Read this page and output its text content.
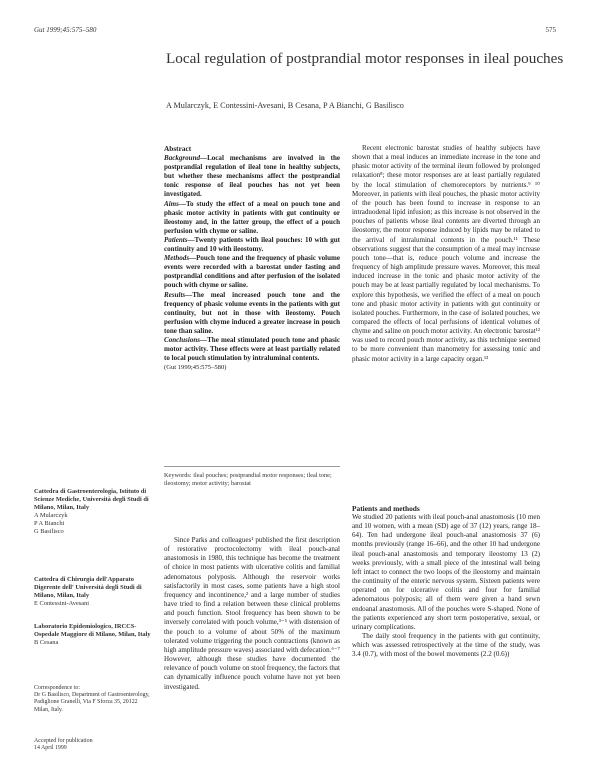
Gut 1999;45:575–580	575
Local regulation of postprandial motor responses in ileal pouches
A Mularczyk, E Contessini-Avesani, B Cesana, P A Bianchi, G Basilisco
Abstract
Background—Local mechanisms are involved in the postprandial regulation of ileal tone in healthy subjects, but whether these mechanisms affect the postprandial tonic response of ileal pouches has not yet been investigated.
Aims—To study the effect of a meal on pouch tone and phasic motor activity in patients with gut continuity or ileostomy and, in the latter group, the effect of a pouch perfusion with chyme or saline.
Patients—Twenty patients with ileal pouches: 10 with gut continuity and 10 with ileostomy.
Methods—Pouch tone and the frequency of phasic volume events were recorded with a barostat under fasting and postprandial conditions and after perfusion of the isolated pouch with chyme or saline.
Results—The meal increased pouch tone and the frequency of phasic volume events in the patients with gut continuity, but not in those with ileostomy. Pouch perfusion with chyme induced a greater increase in pouch tone than saline.
Conclusions—The meal stimulated pouch tone and phasic motor activity. These effects were at least partially related to local pouch stimulation by intraluminal contents.
(Gut 1999;45:575–580)
Keywords: ileal pouches; postprandial motor responses; ileal tone; ileostomy; motor activity; barostat
Cattedra di Gastroenterologia, Istituto di Scienze Mediche, Università degli Studi di Milano, Milan, Italy
A Mularczyk
P A Bianchi
G Basilisco
Cattedra di Chirurgia dell'Apparato Digerente dell' Università degli Studi di Milano, Milan, Italy
E Contessini-Avesani
Laboratorio Epidemiologico, IRCCS-Ospedale Maggiore di Milano, Milan, Italy
B Cesana
Correspondence to:
Dr G Basilisco, Department of Gastroenterology, Padiglione Granelli, Via F Sforza 35, 20122 Milan, Italy.
Accepted for publication
14 April 1999

Since Parks and colleagues¹ published the first description of restorative proctocolectomy with ileal pouch-anal anastomosis in 1980, this technique has become the treatment of choice in most patients with ulcerative colitis and familial adenomatous polyposis. Although the reservoir works satisfactorily in most cases, some patients have a high stool frequency and incontinence,² and a large number of studies have tried to find a relation between these clinical problems and pouch function. Stool frequency has been shown to be inversely correlated with pouch volume,³⁻⁵ with distension of the pouch to a volume of about 50% of the maximum tolerated volume triggering the pouch contractions (known as high amplitude pressure waves) associated with defecation.⁶⁻⁷ However, although these studies have documented the relevance of pouch volume on stool frequency, the factors that can dynamically influence pouch volume have not yet been investigated.

Recent electronic barostat studies of healthy subjects have shown that a meal induces an immediate increase in the tone and phasic motor activity of the terminal ileum followed by prolonged relaxation⁸; these motor responses are at least partially regulated by the local stimulation of chemoreceptors by nutrients.⁹ ¹⁰ Moreover, in patients with ileal pouches, the phasic motor activity of the pouch has been found to increase in response to an intraduodenal lipid infusion; as this increase is not observed in the pouches of patients whose ileal contents are diverted through an ileostomy, the motor response induced by lipids may be related to the arrival of intraluminal contents in the pouch.¹¹ These observations suggest that the consumption of a meal may increase pouch tone—that is, reduce pouch volume and increase the frequency of high amplitude pressure waves. Moreover, this meal induced increase in the tonic and phasic motor activity of the pouch may be at least partially regulated by local mechanisms. To explore this hypothesis, we verified the effect of a meal on pouch tone and phasic motor activity in patients with gut continuity or isolated pouches. Furthermore, in the case of isolated pouches, we compared the effects of local perfusions of identical volumes of chyme and saline on pouch motor activity. An electronic barostat¹² was used to record pouch motor activity, as this technique seemed to be more convenient than manometry for assessing tonic and phasic motor activity in a large capacity organ.¹³

Patients and methods

We studied 20 patients with ileal pouch-anal anastomosis (10 men and 10 women, with a mean (SD) age of 37 (12) years, range 18–64). Ten had undergone ileal pouch-anal anastomosis 37 (6) months previously (range 16–66), and the other 10 had undergone ileal pouch-anal anastomosis and temporary ileostomy 13 (2) weeks previously, with a small piece of the intestinal wall being left intact to connect the two loops of the ileostomy and maintain the continuity of the enteric nervous system. Sixteen patients were operated on for ulcerative colitis and four for familial adenomatous polyposis; all of them were given a hand sewn endoanal anastomosis. All of the pouches were S-shaped. None of the patients experienced any short term postoperative, sexual, or urinary complications.

The daily stool frequency in the patients with gut continuity, which was assessed retrospectively at the time of the study, was 3.4 (0.7), with most of the bowel movements (2.2 (0.6))
